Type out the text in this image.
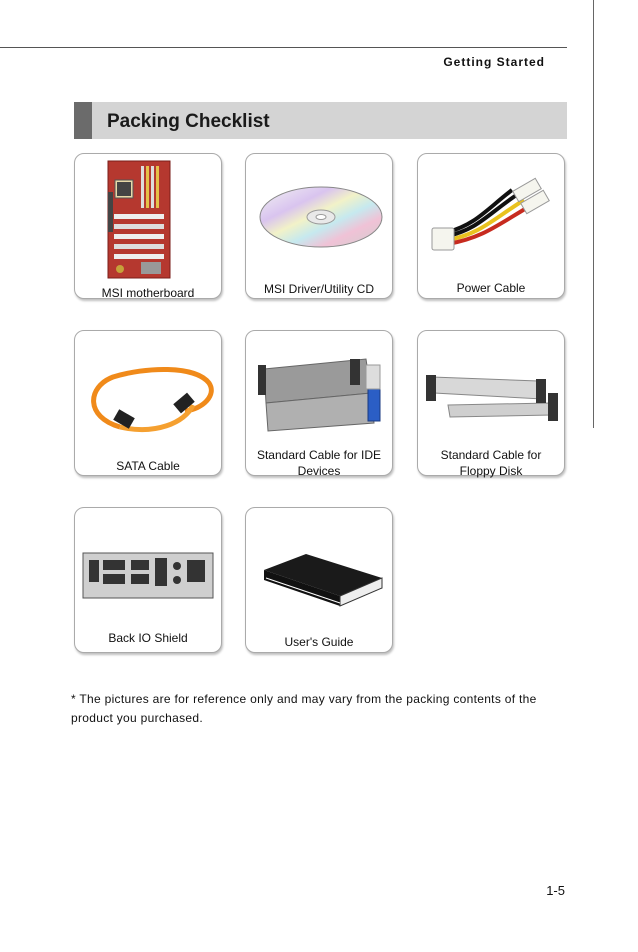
Getting Started
Packing Checklist
MSI motherboard	MSI Driver/Utility CD	Power Cable
SATA Cable
Standard Cable for IDE Devices
Standard Cable for Floppy Disk
Back IO Shield	User's Guide
* The pictures are for reference only and may vary from the packing contents of the product you purchased.
1-5
